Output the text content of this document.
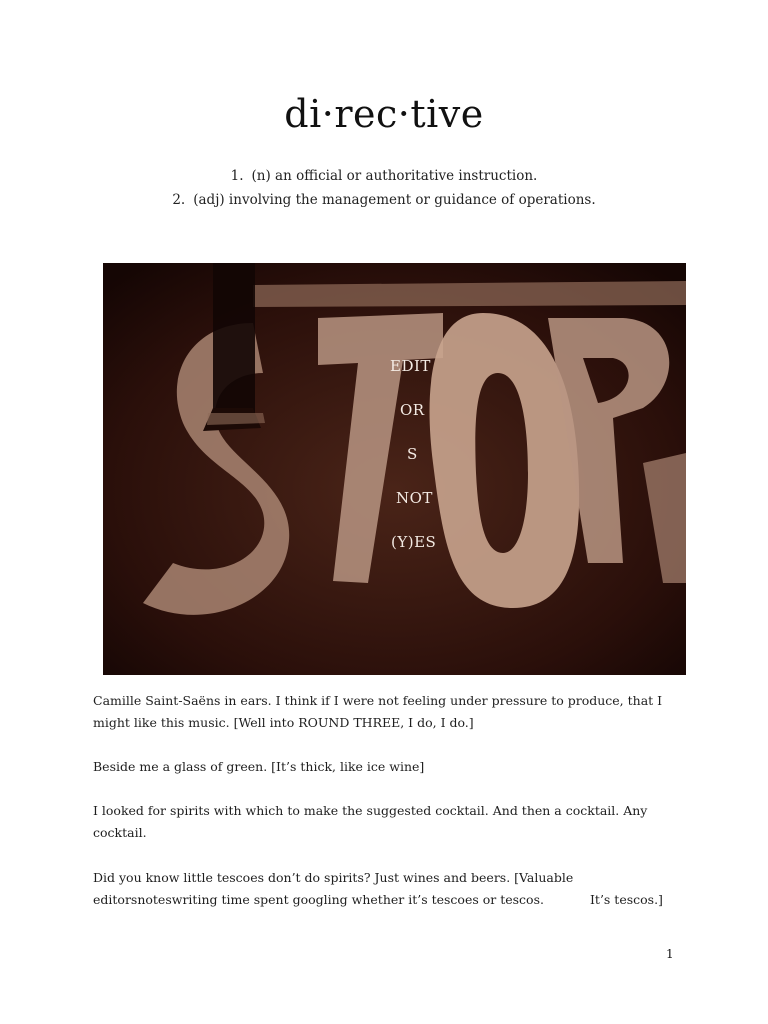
di·rec·tive
1. (n) an official or authoritative instruction.
2. (adj) involving the management or guidance of operations.
EDIT
OR
S
NOT
(Y)ES
Camille Saint-Saëns in ears. I think if I were not feeling under pressure to produce, that I might like this music. [Well into ROUND THREE, I do, I do.]
Beside me a glass of green. [It’s thick, like ice wine]
I looked for spirits with which to make the suggested cocktail. And then a cocktail. Any cocktail.
Did you know little tescoes don’t do spirits? Just wines and beers. [Valuable editorsnoteswriting time spent googling whether it’s tescoes or tescos.	It’s tescos.]
1
